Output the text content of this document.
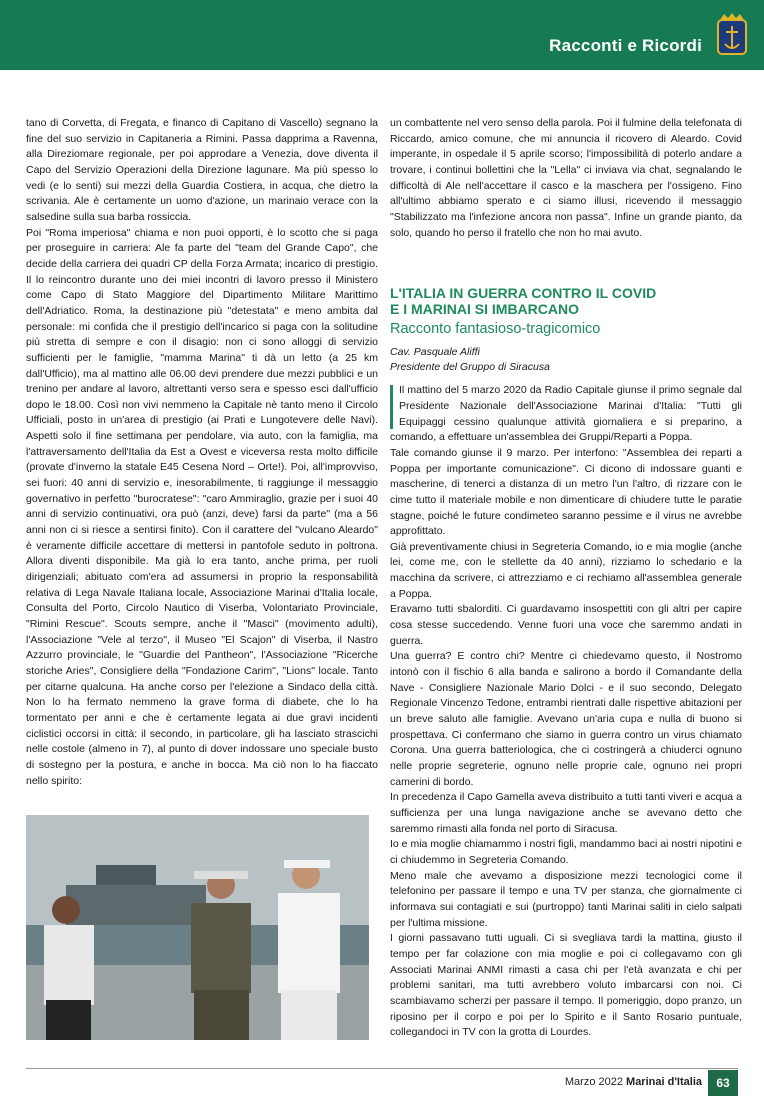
Racconti e Ricordi

tano di Corvetta, di Fregata, e financo di Capitano di Vascello) segnano la fine del suo servizio in Capitaneria a Rimini. Passa dapprima a Ravenna, alla Direziomare regionale, per poi approdare a Venezia, dove diventa il Capo del Servizio Operazioni della Direzione lagunare. Ma più spesso lo vedi (e lo senti) sui mezzi della Guardia Costiera, in acqua, che dietro la scrivania. Ale è certamente un uomo d'azione, un marinaio verace con la salsedine sulla sua barba rossiccia.

Poi "Roma imperiosa" chiama e non puoi opporti, è lo scotto che si paga per proseguire in carriera: Ale fa parte del "team del Grande Capo", che decide della carriera dei quadri CP della Forza Armata; incarico di prestigio. Il lo reincontro durante uno dei miei incontri di lavoro presso il Ministero come Capo di Stato Maggiore del Dipartimento Militare Marittimo dell'Adriatico. Roma, la destinazione più "detestata" e meno ambita dal personale: mi confida che il prestigio dell'incarico si paga con la solitudine più stretta di sempre e con il disagio: non ci sono alloggi di servizio sufficienti per le famiglie, "mamma Marina" ti dà un letto (a 25 km dall'Ufficio), ma al mattino alle 06.00 devi prendere due mezzi pubblici e un trenino per andare al lavoro, altrettanti verso sera e spesso esci dall'ufficio dopo le 18.00. Così non vivi nemmeno la Capitale nè tanto meno il Circolo Ufficiali, posto in un'area di prestigio (ai Prati e Lungotevere delle Navi). Aspetti solo il fine settimana per pendolare, via auto, con la famiglia, ma l'attraversamento dell'Italia da Est a Ovest e viceversa resta molto difficile (provate d'inverno la statale E45 Cesena Nord – Orte!). Poi, all'improvviso, sei fuori: 40 anni di servizio e, inesorabilmente, ti raggiunge il messaggio governativo in perfetto "burocratese": "caro Ammiraglio, grazie per i suoi 40 anni di servizio continuativi, ora può (anzi, deve) farsi da parte" (ma a 56 anni non ci si riesce a sentirsi finito). Con il carattere del "vulcano Aleardo" è veramente difficile accettare di mettersi in pantofole seduto in poltrona. Allora diventi disponibile. Ma già lo era tanto, anche prima, per ruoli dirigenziali; abituato com'era ad assumersi in proprio la responsabilità relativa di Lega Navale Italiana locale, Associazione Marinai d'Italia locale, Consulta del Porto, Circolo Nautico di Viserba, Volontariato Provinciale, "Rimini Rescue". Scouts sempre, anche il "Masci" (movimento adulti), l'Associazione "Vele al terzo", il Museo "El Scajon" di Viserba, il Nastro Azzurro provinciale, le "Guardie del Pantheon", l'Associazione "Ricerche storiche Aries", Consigliere della "Fondazione Carim", "Lions" locale. Tanto per citarne qualcuna. Ha anche corso per l'elezione a Sindaco della città. Non lo ha fermato nemmeno la grave forma di diabete, che lo ha tormentato per anni e che è certamente legata ai due gravi incidenti ciclistici occorsi in città: il secondo, in particolare, gli ha lasciato strascichi nelle costole (almeno in 7), al punto di dover indossare uno speciale busto di sostegno per la postura, e anche in bocca. Ma ciò non lo ha fiaccato nello spirito:

un combattente nel vero senso della parola. Poi il fulmine della telefonata di Riccardo, amico comune, che mi annuncia il ricovero di Aleardo. Covid imperante, in ospedale il 5 aprile scorso; l'impossibilità di poterlo andare a trovare, i continui bollettini che la "Lella" ci inviava via chat, segnalando le difficoltà di Ale nell'accettare il casco e la maschera per l'ossigeno. Fino all'ultimo abbiamo sperato e ci siamo illusi, ricevendo il messaggio "Stabilizzato ma l'infezione ancora non passa". Infine un grande pianto, da solo, quando ho perso il fratello che non ho mai avuto.

L'ITALIA IN GUERRA CONTRO IL COVID
E I MARINAI SI IMBARCANO
Racconto fantasioso-tragicomico
Cav. Pasquale Aliffi
Presidente del Gruppo di Siracusa

Il mattino del 5 marzo 2020 da Radio Capitale giunse il primo segnale dal Presidente Nazionale dell'Associazione Marinai d'Italia: "Tutti gli Equipaggi cessino qualunque attività giornaliera e si preparino, a comando, a effettuare un'assemblea dei Gruppi/Reparti a Poppa.

Tale comando giunse il 9 marzo. Per interfono: "Assemblea dei reparti a Poppa per importante comunicazione". Ci dicono di indossare guanti e mascherine, di tenerci a distanza di un metro l'un l'altro, di rizzare con le cime tutto il materiale mobile e non dimenticare di chiudere tutte le paratie stagne, poiché le future condimeteo saranno pessime e il virus ne avrebbe approfittato.

Già preventivamente chiusi in Segreteria Comando, io e mia moglie (anche lei, come me, con le stellette da 40 anni), rizziamo lo schedario e la macchina da scrivere, ci attrezziamo e ci rechiamo all'assemblea generale a Poppa.

Eravamo tutti sbalorditi. Ci guardavamo insospettiti con gli altri per capire cosa stesse succedendo. Venne fuori una voce che saremmo andati in guerra.

Una guerra? E contro chi? Mentre ci chiedevamo questo, il Nostromo intonò con il fischio 6 alla banda e salirono a bordo il Comandante della Nave - Consigliere Nazionale Mario Dolci - e il suo secondo, Delegato Regionale Vincenzo Tedone, entrambi rientrati dalle rispettive abitazioni per un breve saluto alle famiglie. Avevano un'aria cupa e nulla di buono si prospettava. Ci confermano che siamo in guerra contro un virus chiamato Corona. Una guerra batteriologica, che ci costringerà a chiuderci ognuno nelle proprie segreterie, ognuno nelle proprie cale, ognuno nei propri camerini di bordo.

In precedenza il Capo Gamella aveva distribuito a tutti tanti viveri e acqua a sufficienza per una lunga navigazione anche se avevano detto che saremmo rimasti alla fonda nel porto di Siracusa.

Io e mia moglie chiamammo i nostri figli, mandammo baci ai nostri nipotini e ci chiudemmo in Segreteria Comando.

Meno male che avevamo a disposizione mezzi tecnologici come il telefonino per passare il tempo e una TV per stanza, che giornalmente ci informava sui contagiati e sui (purtroppo) tanti Marinai saliti in cielo salpati per l'ultima missione.

I giorni passavano tutti uguali. Ci si svegliava tardi la mattina, giusto il tempo per far colazione con mia moglie e poi ci collegavamo con gli Associati Marinai ANMI rimasti a casa chi per l'età avanzata e chi per problemi sanitari, ma tutti avrebbero voluto imbarcarsi con noi. Ci scambiavamo scherzi per passare il tempo. Il pomeriggio, dopo pranzo, un riposino per il corpo e poi per lo Spirito e il Santo Rosario puntuale, collegandoci in TV con la grotta di Lourdes.

Marzo 2022 Marinai d'Italia	63
